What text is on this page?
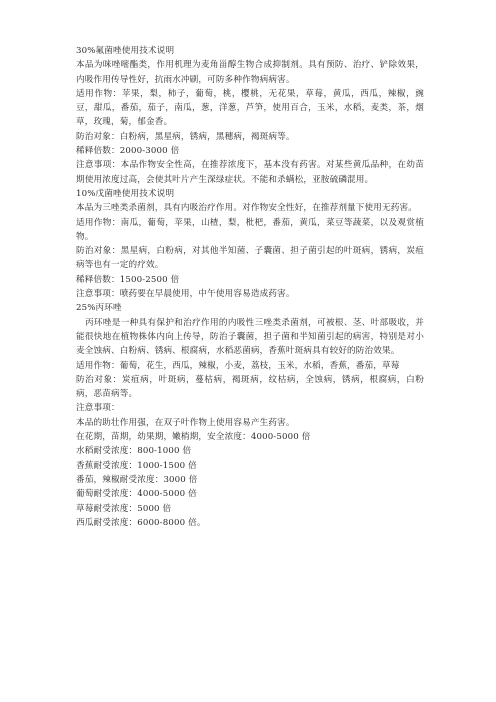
30%氟菌唑使用技术说明

本品为咪唑嘧酯类，作用机理为麦角甾醇生物合成抑制剂。具有预防、治疗、铲除效果，内吸作用传导性好，抗雨水冲刷，可防多种作物病病害。

适用作物：苹果，梨，柿子，葡萄，桃，樱桃，无花果，草莓，黄瓜，西瓜，辣椒，豌豆，甜瓜，番茄，茄子，南瓜，葱，洋葱，芦笋，使用百合，玉米，水稻，麦类，茶，烟草，玫瑰，菊，郁金香。

防治对象：白粉病，黑星病，锈病，黑穗病，褐斑病等。

稀释倍数：2000-3000 倍

注意事项：本品作物安全性高，在推荐浓度下，基本没有药害。对某些黄瓜品种，在幼苗期使用浓度过高，会使其叶片产生深绿症状。不能和杀螨松，亚胺硫磷混用。

10%戊菌唑使用技术说明

本品为三唑类杀菌剂，具有内吸治疗作用。对作物安全性好，在推荐剂量下使用无药害。

适用作物：南瓜，葡萄，苹果，山楂，梨，枇杷，番茄，黄瓜，菜豆等蔬菜，以及观赏植物。

防治对象：黑星病，白粉病，对其他半知菌、子囊菌、担子菌引起的叶斑病，锈病，炭疽病等也有一定的疗效。

稀释倍数：1500-2500 倍

注意事项：喷药要在早晨使用，中午使用容易造成药害。

25%丙环唑

丙环唑是一种具有保护和治疗作用的内吸性三唑类杀菌剂，可被根、茎、叶部吸收，并能很快地在植物株体内向上传导，防治子囊菌，担子菌和半知菌引起的病害，特别是对小麦全蚀病、白粉病、锈病、根腐病，水稻恶菌病，香蕉叶斑病具有较好的防治效果。

适用作物：葡萄，花生，西瓜，辣椒，小麦，荔枝，玉米，水稻，香蕉，番茄，草莓

防治对象：炭疽病，叶斑病，蔓枯病，褐斑病，纹枯病，全蚀病，锈病，根腐病，白粉病，恶苗病等。

注意事项：

本品的助壮作用强，在双子叶作物上使用容易产生药害。

在花期，苗期，幼果期，嫩梢期，安全浓度：4000-5000 倍

水稻耐受浓度：800-1000 倍

香蕉耐受浓度：1000-1500 倍

番茄，辣椒耐受浓度：3000 倍

葡萄耐受浓度：4000-5000 倍

草莓耐受浓度：5000 倍

西瓜耐受浓度：6000-8000 倍。
